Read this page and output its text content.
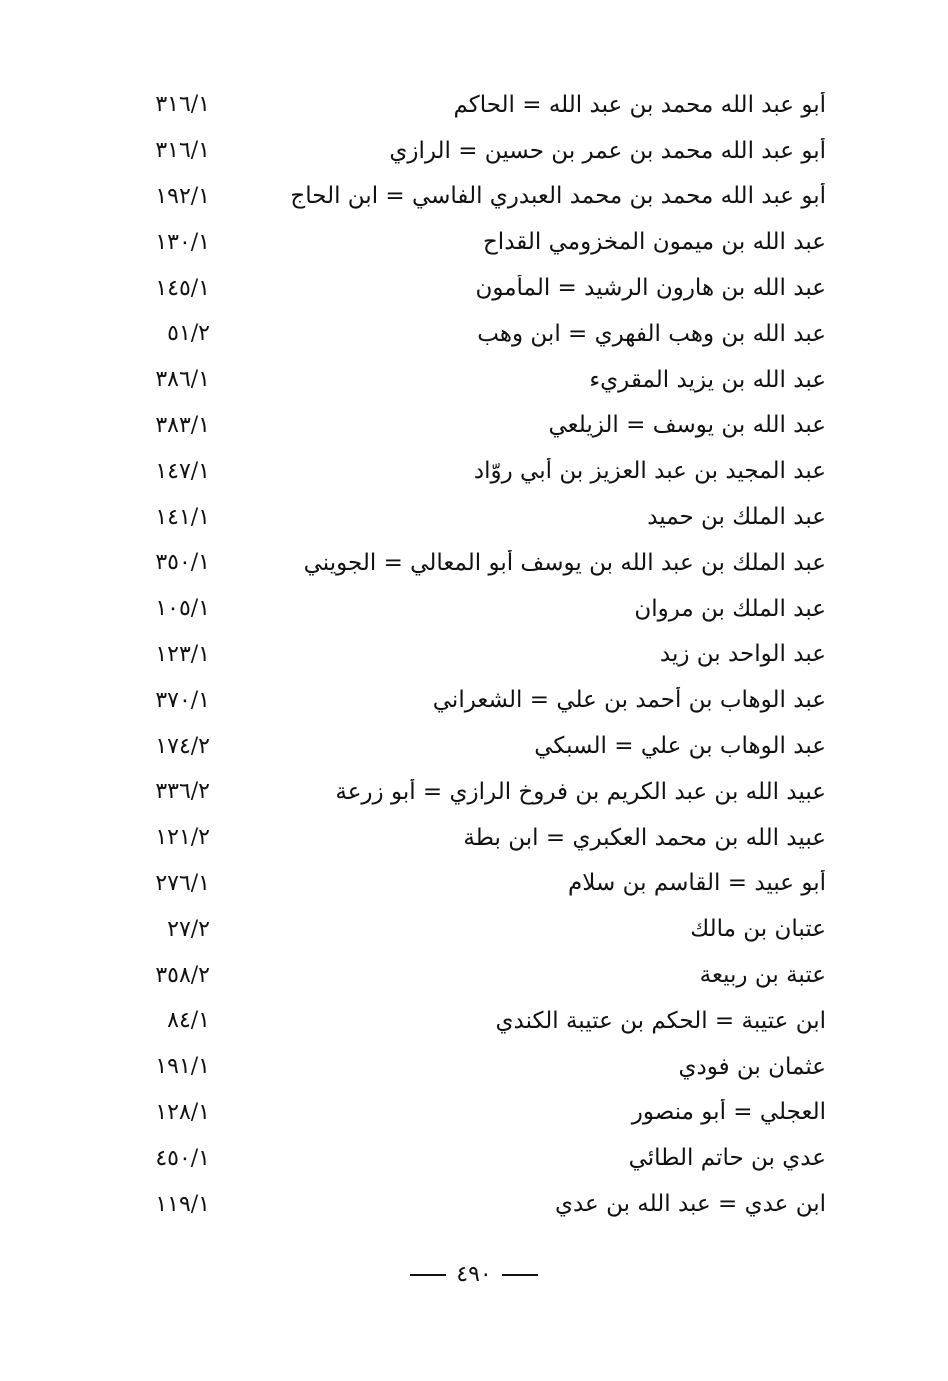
٣١٦/١	أبو عبد الله محمد بن عبد الله = الحاكم
٣١٦/١	أبو عبد الله محمد بن عمر بن حسين = الرازي
١٩٢/١	أبو عبد الله محمد بن محمد العبدري الفاسي = ابن الحاج
١٣٠/١	عبد الله بن ميمون المخزومي القداح
١٤٥/١	عبد الله بن هارون الرشيد = المأمون
٥١/٢	عبد الله بن وهب الفهري = ابن وهب
٣٨٦/١	عبد الله بن يزيد المقريء
٣٨٣/١	عبد الله بن يوسف = الزيلعي
١٤٧/١	عبد المجيد بن عبد العزيز بن أبي روّاد
١٤١/١	عبد الملك بن حميد
٣٥٠/١	عبد الملك بن عبد الله بن يوسف أبو المعالي = الجويني
١٠٥/١	عبد الملك بن مروان
١٢٣/١	عبد الواحد بن زيد
٣٧٠/١	عبد الوهاب بن أحمد بن علي = الشعراني
١٧٤/٢	عبد الوهاب بن علي = السبكي
٣٣٦/٢	عبيد الله بن عبد الكريم بن فروخ الرازي = أبو زرعة
١٢١/٢	عبيد الله بن محمد العكبري = ابن بطة
٢٧٦/١	أبو عبيد = القاسم بن سلام
٢٧/٢	عتبان بن مالك
٣٥٨/٢	عتبة بن ربيعة
٨٤/١	ابن عتيبة = الحكم بن عتيبة الكندي
١٩١/١	عثمان بن فودي
١٢٨/١	العجلي = أبو منصور
٤٥٠/١	عدي بن حاتم الطائي
١١٩/١	ابن عدي = عبد الله بن عدي
٤٩٠
